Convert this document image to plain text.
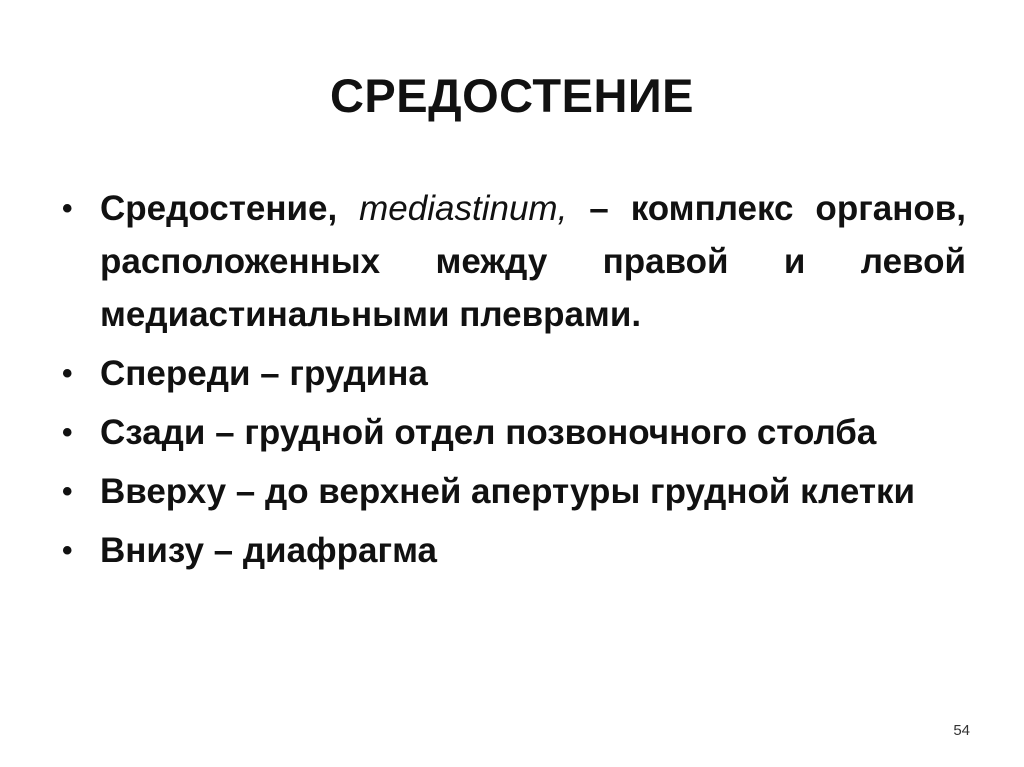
СРЕДОСТЕНИЕ
• Средостение, mediastinum, – комплекс органов, расположенных между правой и левой медиастинальными плеврами.
• Спереди – грудина
• Сзади – грудной отдел позвоночного столба
• Вверху – до верхней апертуры грудной клетки
• Внизу – диафрагма
54
